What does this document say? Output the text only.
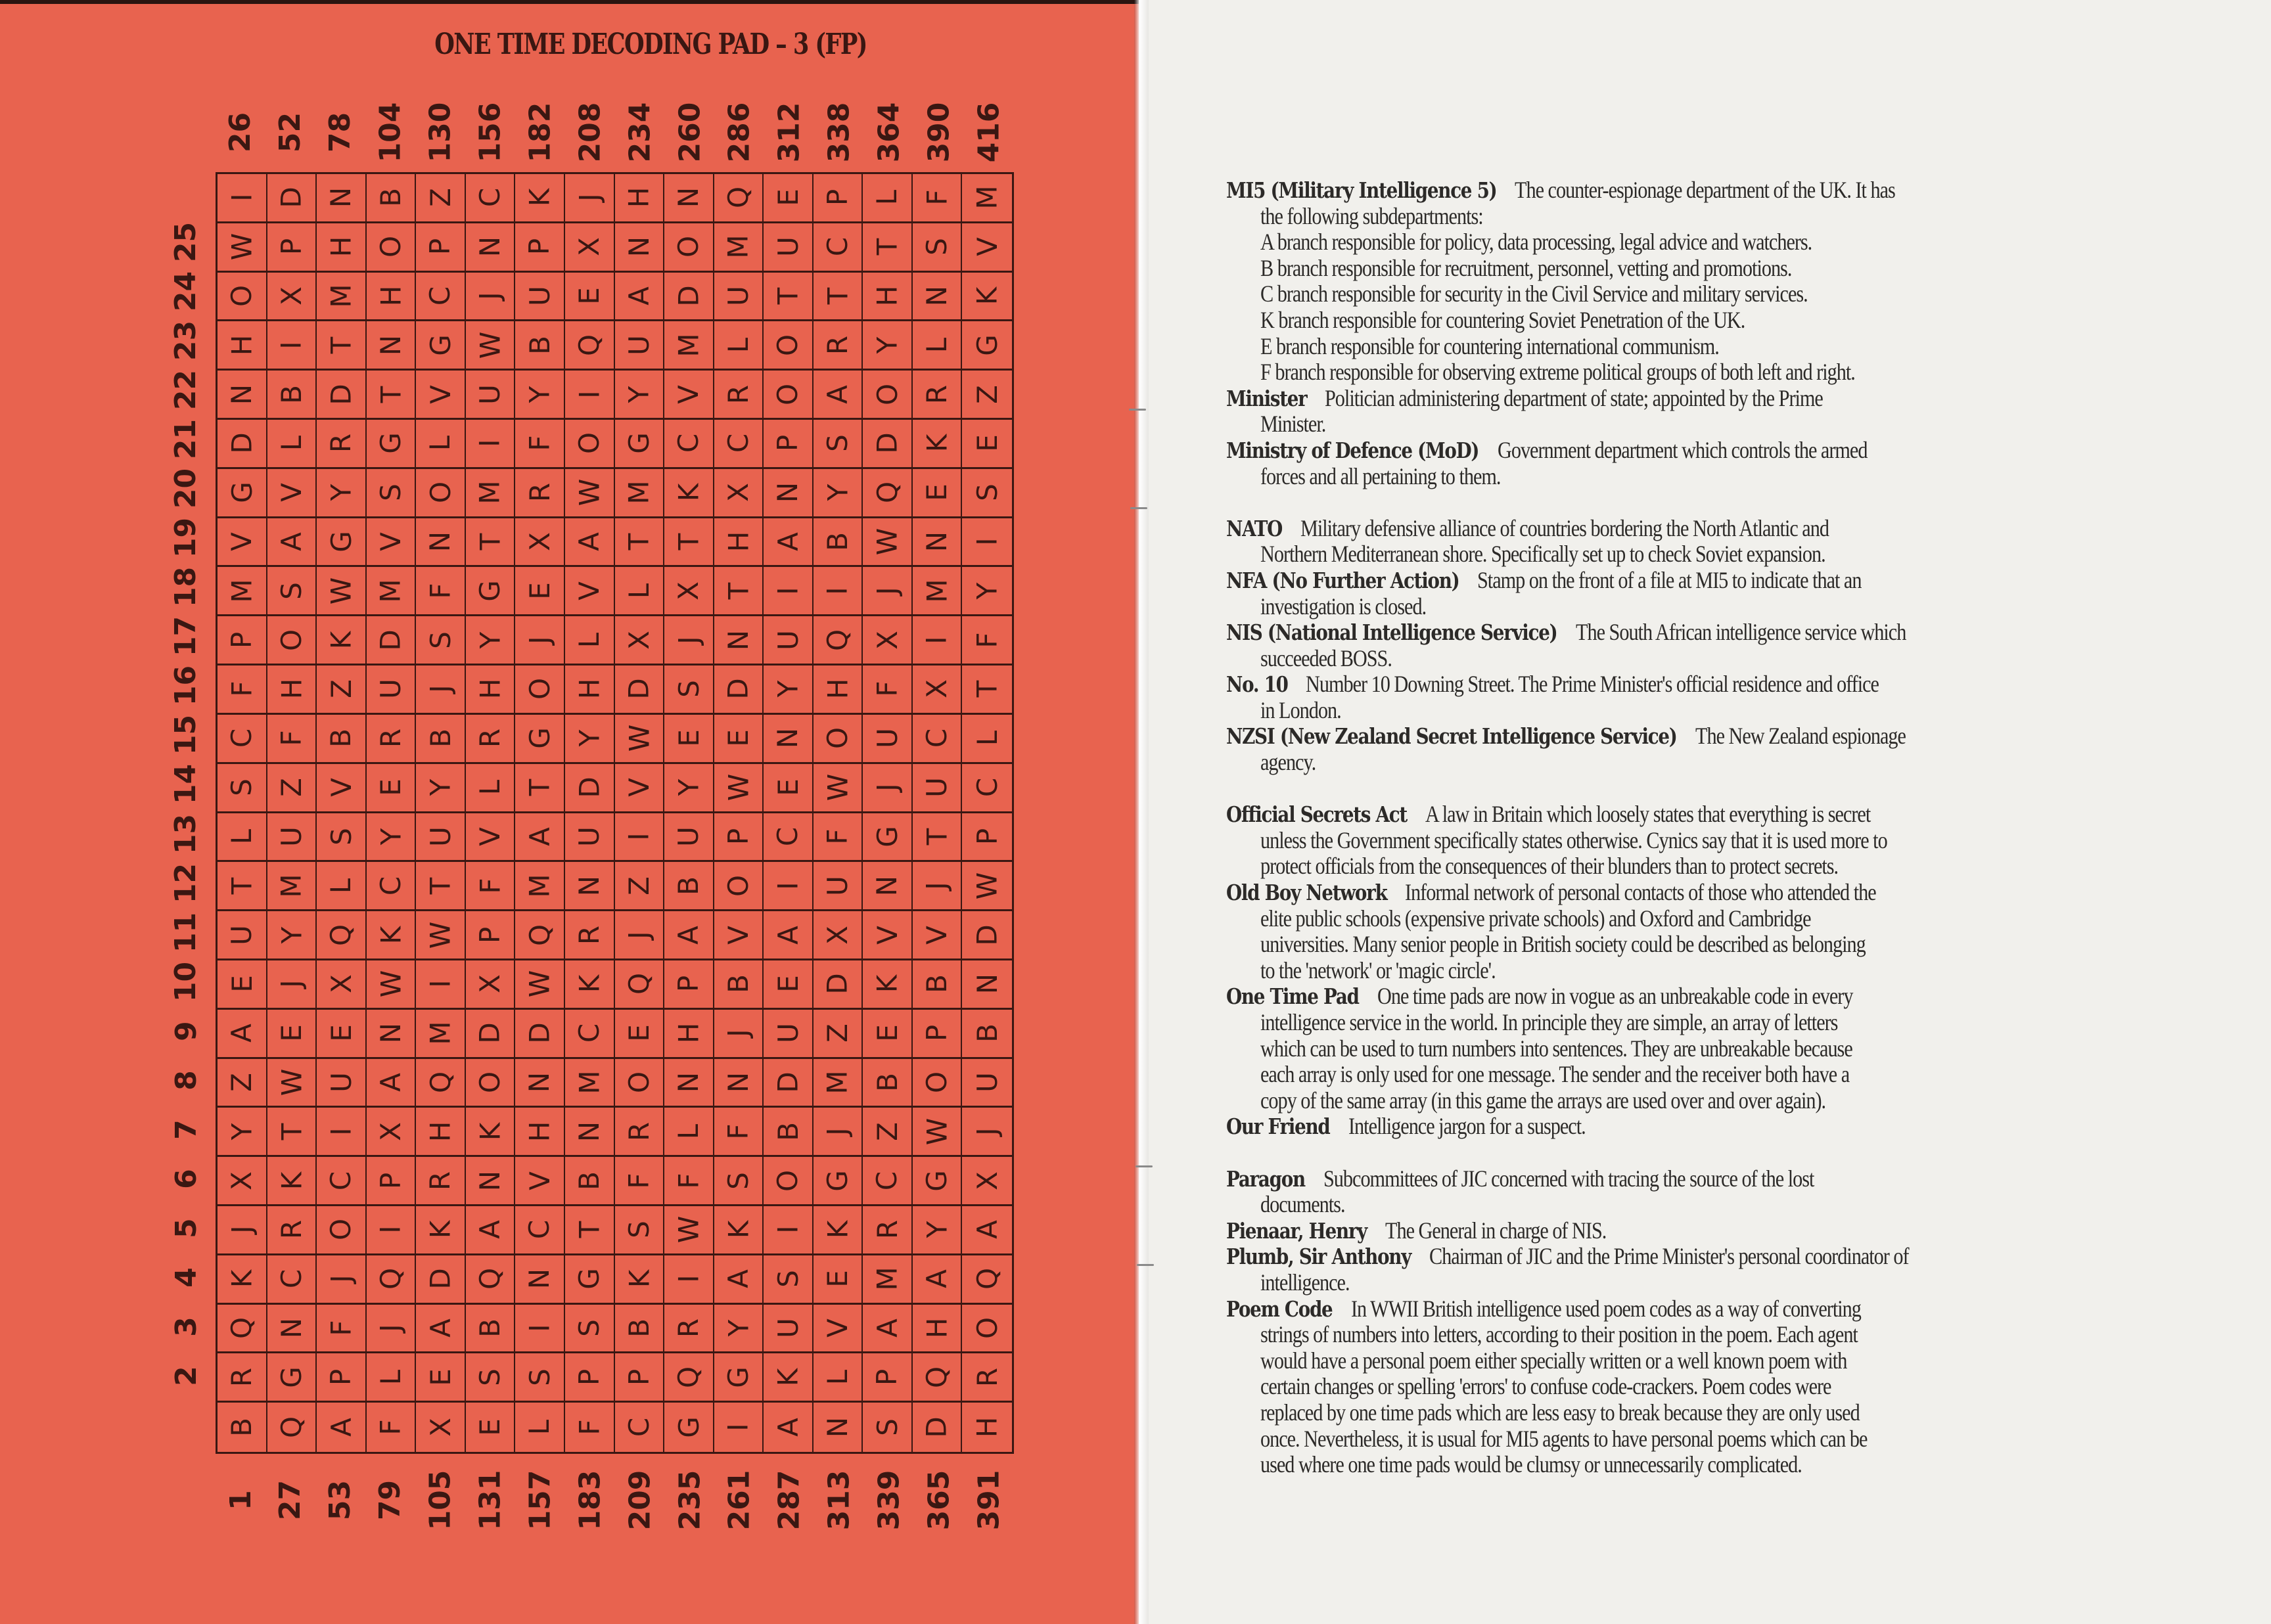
ONE TIME DECODING PAD – 3 (FP)
26 52 78 104 130 156 182 208 234 260 286 312 338 364 390 416
2
3
4
5
6
7
8
9
10
11
12
13
14
15
16
17
18
19
20
21
22
23
24
25
1 27 53 79 105 131 157 183 209 235 261 287 313 339 365 391
I D N B Z C K J H N Q E P L F M
W P H O P N P X N O M U C T S V
O X M H C J U E A D U T T H N K
H I T N G W B Q U M L O R Y L G
N B D T V U Y I Y V R O A O R Z
D L R G L I F O G C C P S D K E
G V Y S O M R W M K X N Y Q E S
V A G V N T X A T T H A B W N I
M S W M F G E V L X T I I J M Y
P O K D S Y J L X J N U Q X I F
F H Z U J H O H D S D Y H F X T
C F B R B R G Y W E E N O U C L
S Z V E Y L T D V Y W E W J U C
L U S Y U V A U I U P C F G T P
T M L C T F M N Z B O I U N J W
U Y Q K W P Q R J A V A X V V D
E J X W I X W K Q P B E D K B N
A E E N M D D C E H J U Z E P B
Z W U A Q O N M O N N D M B O U
Y T I X H K H N R L F B J Z W J
X K C P R N V B F F S O G C G X
J R O I K A C T S W K I K R Y A
K C J Q D Q N G K I A S E M A Q
Q N F J A B I S B R Y U V A H O
R G P L E S S P P Q G K L P Q R
B Q A F X E L F C G I A N S D H
MI5 (Military Intelligence 5) The counter-espionage department of the UK. It has
the following subdepartments:
A branch responsible for policy, data processing, legal advice and watchers.
B branch responsible for recruitment, personnel, vetting and promotions.
C branch responsible for security in the Civil Service and military services.
K branch responsible for countering Soviet Penetration of the UK.
E branch responsible for countering international communism.
F branch responsible for observing extreme political groups of both left and right.
Minister Politician administering department of state; appointed by the Prime
Minister.
Ministry of Defence (MoD) Government department which controls the armed
forces and all pertaining to them.
NATO Military defensive alliance of countries bordering the North Atlantic and
Northern Mediterranean shore. Specifically set up to check Soviet expansion.
NFA (No Further Action) Stamp on the front of a file at MI5 to indicate that an
investigation is closed.
NIS (National Intelligence Service) The South African intelligence service which
succeeded BOSS.
No. 10 Number 10 Downing Street. The Prime Minister's official residence and office
in London.
NZSI (New Zealand Secret Intelligence Service) The New Zealand espionage
agency.
Official Secrets Act A law in Britain which loosely states that everything is secret
unless the Government specifically states otherwise. Cynics say that it is used more to
protect officials from the consequences of their blunders than to protect secrets.
Old Boy Network Informal network of personal contacts of those who attended the
elite public schools (expensive private schools) and Oxford and Cambridge
universities. Many senior people in British society could be described as belonging
to the 'network' or 'magic circle'.
One Time Pad One time pads are now in vogue as an unbreakable code in every
intelligence service in the world. In principle they are simple, an array of letters
which can be used to turn numbers into sentences. They are unbreakable because
each array is only used for one message. The sender and the receiver both have a
copy of the same array (in this game the arrays are used over and over again).
Our Friend Intelligence jargon for a suspect.
Paragon Subcommittees of JIC concerned with tracing the source of the lost
documents.
Pienaar, Henry The General in charge of NIS.
Plumb, Sir Anthony Chairman of JIC and the Prime Minister's personal coordinator of
intelligence.
Poem Code In WWII British intelligence used poem codes as a way of converting
strings of numbers into letters, according to their position in the poem. Each agent
would have a personal poem either specially written or a well known poem with
certain changes or spelling 'errors' to confuse code-crackers. Poem codes were
replaced by one time pads which are less easy to break because they are only used
once. Nevertheless, it is usual for MI5 agents to have personal poems which can be
used where one time pads would be clumsy or unnecessarily complicated.
